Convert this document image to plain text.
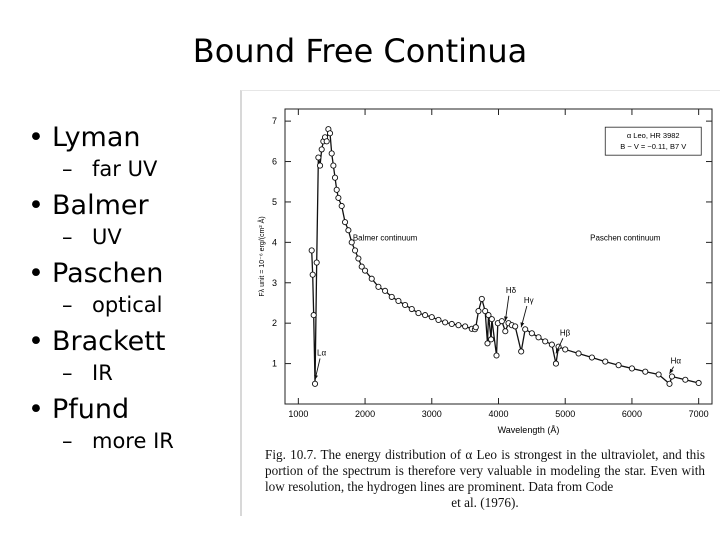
Bound Free Continua
• Lyman
– far UV
• Balmer
– UV
• Paschen
– optical
• Brackett
– IR
• Pfund
– more IR
1000	2000	3000	4000	5000	6000	7000
1
2
3
4
5
6
7
Wavelength (Å)
Fλ unit = 10⁻⁶ erg/(cm² Å)
α Leo, HR 3982
B − V = −0.11, B7 V
Balmer continuum	Paschen continuum
Lα
Hδ
Hγ
Hβ
Hα
Fig. 10.7. The energy distribution of α Leo is strongest in the ultraviolet, and this portion of the spectrum is therefore very valuable in modeling the star. Even with low resolution, the hydrogen lines are prominent. Data from Code
et al. (1976).
